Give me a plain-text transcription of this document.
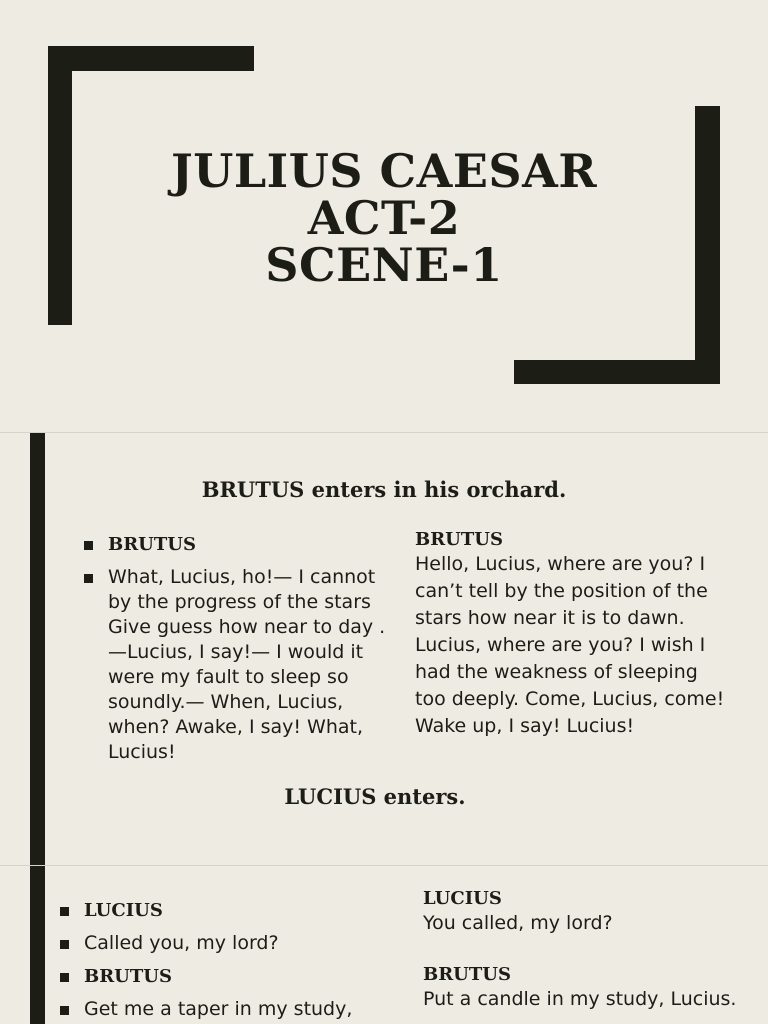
JULIUS CAESAR
ACT-2
SCENE-1
BRUTUS enters in his orchard.
BRUTUS
What, Lucius, ho!— I cannot by the progress of the stars Give guess how near to day . —Lucius, I say!— I would it were my fault to sleep so soundly.— When, Lucius, when? Awake, I say! What, Lucius!
BRUTUS
Hello, Lucius, where are you? I can’t tell by the position of the stars how near it is to dawn. Lucius, where are you? I wish I had the weakness of sleeping too deeply. Come, Lucius, come! Wake up, I say! Lucius!
LUCIUS enters.
LUCIUS
Called you, my lord?
BRUTUS
Get me a taper in my study,
LUCIUS
You called, my lord?
BRUTUS
Put a candle in my study, Lucius.
